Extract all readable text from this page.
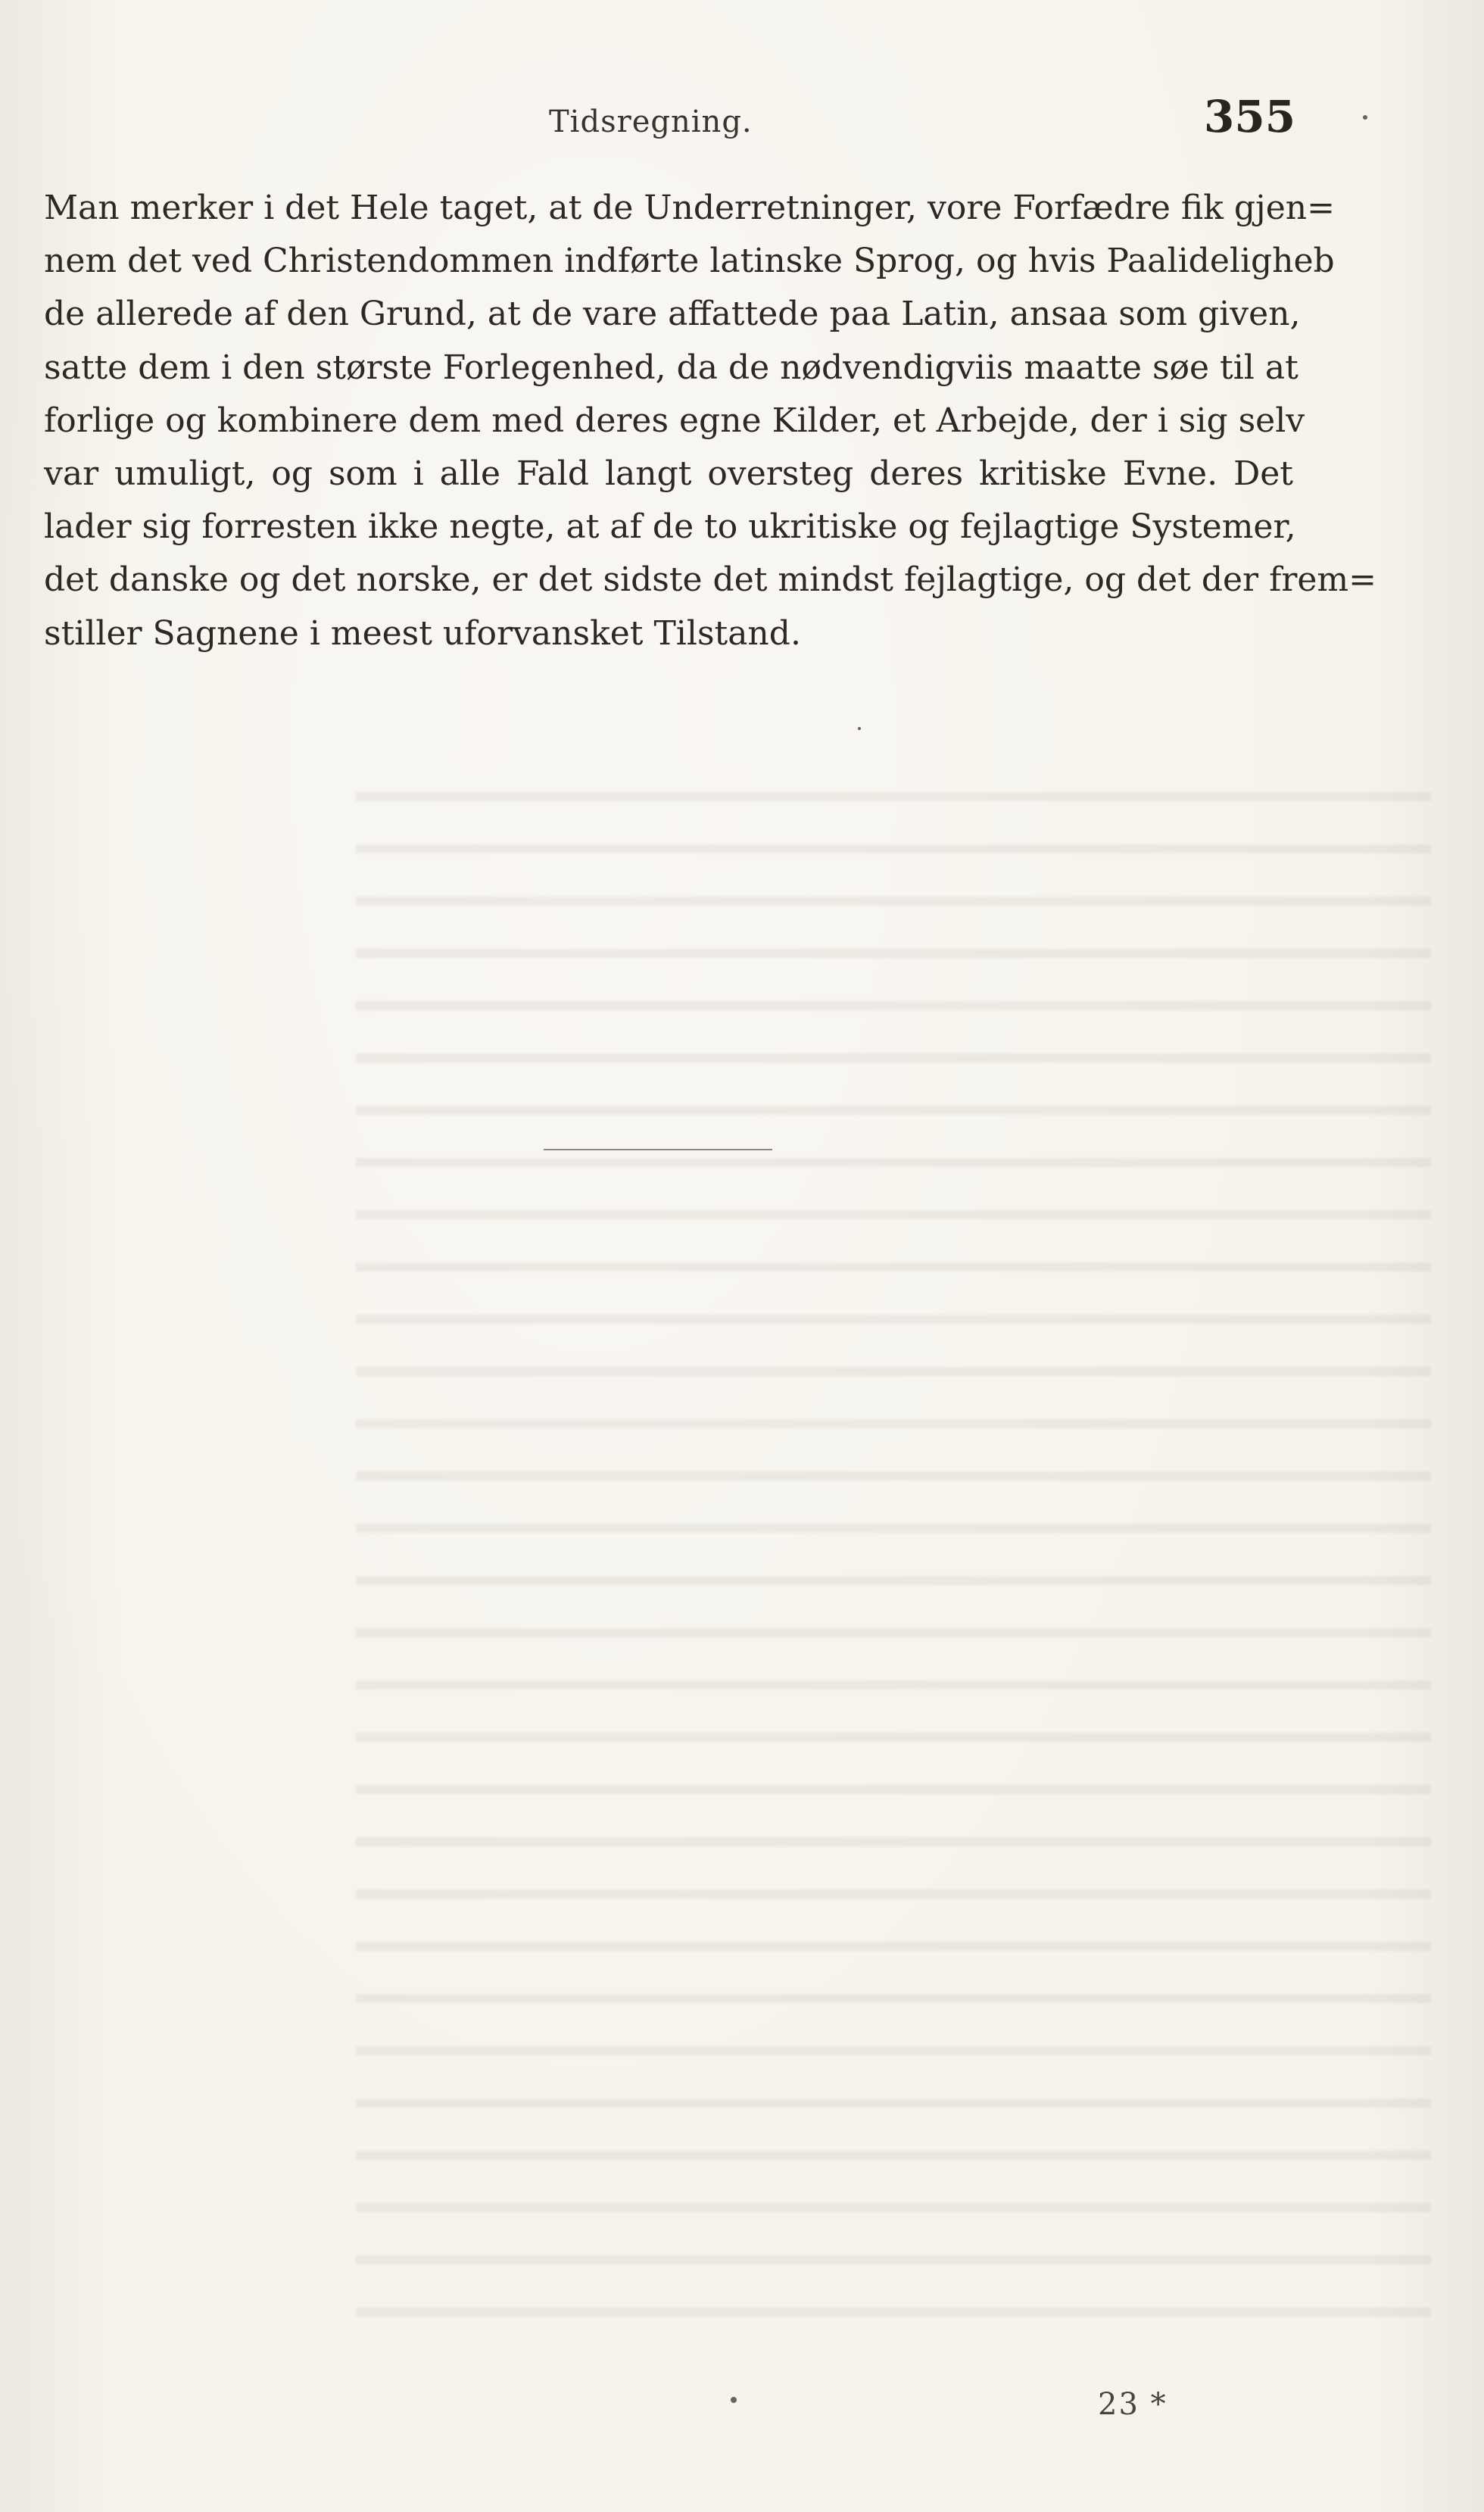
Tidsregning.	355
Man merker i det Hele taget, at de Underretninger, vore Forfædre fik gjen=
nem det ved Christendommen indførte latinske Sprog, og hvis Paalideligheb
de allerede af den Grund, at de vare affattede paa Latin, ansaa som given,
satte dem i den største Forlegenhed, da de nødvendigviis maatte søe til at
forlige og kombinere dem med deres egne Kilder, et Arbejde, der i sig selv
var umuligt, og som i alle Fald langt oversteg deres kritiske Evne. Det
lader sig forresten ikke negte, at af de to ukritiske og fejlagtige Systemer,
det danske og det norske, er det sidste det mindst fejlagtige, og det der frem=
stiller Sagnene i meest uforvansket Tilstand.
23 *
